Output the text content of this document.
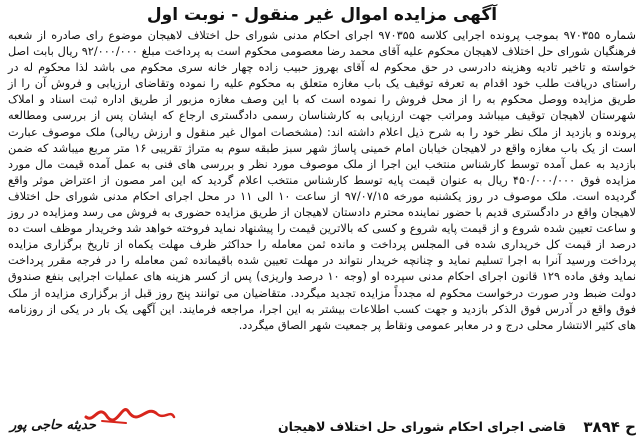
آگهی مزایده اموال غیر منقول - نوبت اول

شماره ۹۷۰۳۵۵ بموجب پرونده اجرایی کلاسه ۹۷۰۳۵۵ اجرای احکام مدنی شورای حل اختلاف لاهیجان موضوع رای صادره از شعبه فرهنگیان شورای حل اختلاف لاهیجان محکوم علیه آقای محمد رضا معصومی محکوم است به پرداخت مبلغ ۹۲/۰۰۰/۰۰۰ ریال بابت اصل خواسته و تاخیر تادیه وهزینه دادرسی در حق محکوم له آقای بهروز حبیب زاده چهار خانه سری محکوم می باشد لذا محکوم له در راستای دریافت طلب خود اقدام به تعرفه توقیف یک باب مغازه متعلق به محکوم علیه را نموده وتقاضای ارزیابی و فروش آن را از طریق مزایده ووصل محکوم به را از محل فروش را نموده است که با این وصف مغازه مزبور از طریق اداره ثبت اسناد و املاک شهرستان لاهیجان توقیف میباشد ومراتب جهت ارزیابی به کارشناسان رسمی دادگستری ارجاع که ایشان پس از بررسی ومطالعه پرونده و بازدید از ملک نظر خود را به شرح ذیل اعلام داشته اند: (مشخصات اموال غیر منقول و ارزش ریالی) ملک موصوف عبارت است از یک باب مغازه واقع در لاهیجان خیابان امام خمینی پاساژ شهر سبز طبقه سوم به متراژ تقریبی ۱۶ متر مربع میباشد که ضمن بازدید به عمل آمده توسط کارشناس منتخب این اجرا از ملک موصوف مورد نظر و بررسی های فنی به عمل آمده قیمت مال مورد مزایده فوق ۴۵۰/۰۰۰/۰۰۰ ریال به عنوان قیمت پایه توسط کارشناس منتخب اعلام گردید که این امر مصون از اعتراض موثر واقع گردیده است. ملک موصوف در روز یکشنبه مورخه ۹۷/۰۷/۱۵ از ساعت ۱۰ الی ۱۱ در محل اجرای احکام مدنی شورای حل اختلاف لاهیجان واقع در دادگستری قدیم با حضور نماینده محترم دادستان لاهیجان از طریق مزایده حضوری به فروش می رسد ومزایده در روز و ساعت تعیین شده شروع و از قیمت پایه شروع و کسی که بالاترین قیمت را پیشنهاد نماید فروخته خواهد شد وخریدار موظف است ده درصد از قیمت کل خریداری شده فی المجلس پرداخت و مانده ثمن معامله را حداکثر ظرف مهلت یکماه از تاریخ برگزاری مزایده پرداخت ورسید آنرا به اجرا تسلیم نماید و چنانچه خریدار نتواند در مهلت تعیین شده باقیمانده ثمن معامله را در فرجه مقرر پرداخت نماید وفق ماده ۱۲۹ قانون اجرای احکام مدنی سپرده او (وجه ۱۰ درصد واریزی) پس از کسر هزینه های عملیات اجرایی بنفع صندوق دولت ضبط ودر صورت درخواست محکوم له مجدداً مزایده تجدید میگردد. متقاضیان می توانند پنج روز قبل از برگزاری مزایده از ملک فوق واقع در آدرس فوق الذکر بازدید و جهت کسب اطلاعات بیشتر به این اجرا، مراجعه فرمایند. این آگهی یک بار در یکی از روزنامه های کثیر الانتشار محلی درج و در معابر عمومی ونقاط پر جمعیت شهر الصاق میگردد.

ح ۳۸۹۴
قاضی اجرای احکام شورای حل اختلاف لاهیجان
حدیثه حاجی پور
